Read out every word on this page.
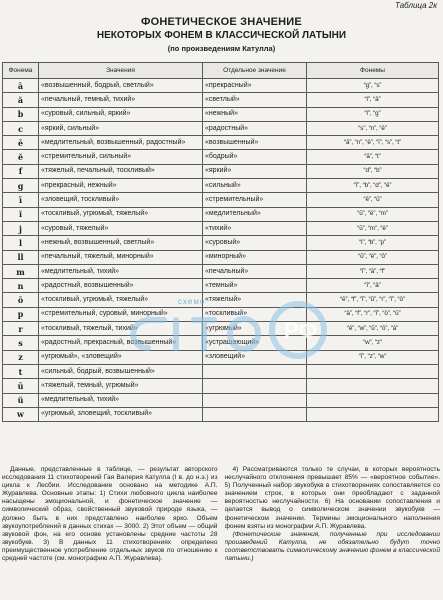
Таблица 2к
ФОНЕТИЧЕСКОЕ ЗНАЧЕНИЕ
НЕКОТОРЫХ ФОНЕМ В КЛАССИЧЕСКОЙ ЛАТЫНИ
(по произведениям Катулла)
Фонема	Значения	Отдельное значение	Фонемы
ā	«возвышенный, бодрый, светлый»	«прекрасный»	“g”, “s”
ă	«печальный, темный, тихий»	«светлый»	“l”, “ā”
b	«суровый, сильный, яркий»	«нежный»	“l”, “g”
c	«яркий, сильный»	«радостный»	“s”, “n”, “ē”
ē	«медлительный, возвышенный, радостный»	«возвышенный»	“ā”, “n”, “ē”, “ī”, “s”, “t”
ĕ	«стремительный, сильный»	«бодрый»	“ā”, “t”
f	«тяжелый, печальный, тоскливый»	«яркий»	“d”, “b”
g	«прекрасный, нежный»	«сильный»	“ĭ”, “b”, “d”, “ē”
ī	«зловещий, тоскливый»	«стремительный»	“ē”, “ŭ”
ĭ	«тоскливый, угрюмый, тяжелый»	«медлительный»	“ŭ”, “ē”, “m”
j	«суровый, тяжелый»	«тихий»	“ŭ”, “m”, “ē”
l	«нежный, возвышенный, светлый»	«суровый»	“l”, “b”, “p”
ll	«печальный, тяжелый, минорный»	«минорный»	“ŭ”, “ē”, “ŏ”
m	«медлительный, тихий»	«печальный»	“ĭ”, “ā”, “f”
n	«радостный, возвышенный»	«темный»	“ĭ”, “ā”
ō	«тоскливый, угрюмый, тяжелый»	«тяжелый»	“ē”, “f”, “ĭ”, “ŭ”, “r”, “ī”, “ō”
p	«стремительный, суровый, минорный»	«тоскливый»	“ā”, “f”, “r”, “ĭ”, “ō”, “ŭ”
r	«тоскливый, тяжелый, тихий»	«угрюмый»	“ē”, “w”, “ŭ”, “ō”, “ā”
s	«радостный, прекрасный, возвышенный»	«устрашающий»	“w”, “z”
z	«угрюмый», «зловещий»	«зловещий»	“ī”, “z”, “w”
t	«сильный, бодрый, возвышенный»		
ū	«тяжелый, темный, угрюмый»		
ŭ	«медлительный, тихий»		
w	«угрюмый, зловещий, тоскливый»		
РФ
схемо

Данные, представленные в таблице, — результат авторского исследования 11 стихотворений Гая Валерия Катулла (I в. до н.э.) из цикла к Лесбии. Исследование основано на методике А.П. Журавлева. Основные этапы: 1) Стихи любовного цикла наиболее насыщены эмоциональной, и фонетическое значение — символический образ, свойственный звуковой природе языка, — должно быть в них представлено наиболее ярко. Объем звукоупотреблений в данных стихах — 3000. 2) Этот объем — общий звуковой фон, на его основе установлены средние частоты 28 звукобукв. 3) В данных 11 стихотворениях определено преимущественное употребление отдельных звуков по отношению к средней частоте (см. монографию А.П. Журавлева).

4) Рассматриваются только те случаи, в которых вероятность неслучайного отклонения превышает 85% — «вероятное событие». 5) Полученный набор звукобукв в стихотворениях сопоставляется со значением строк, в которых они преобладают с заданной вероятностью неслучайности. 6) На основании сопоставления и делается вывод о символическом значении звукобукв — фонетическом значении. Термины эмоционального наполнения фонем взяты из монографии А.П. Журавлева.

(Фонетические значения, полученные при исследовании произведений Катулла, не обязательно будут точно соответствовать символическому значению фонем в классической латыни.)
